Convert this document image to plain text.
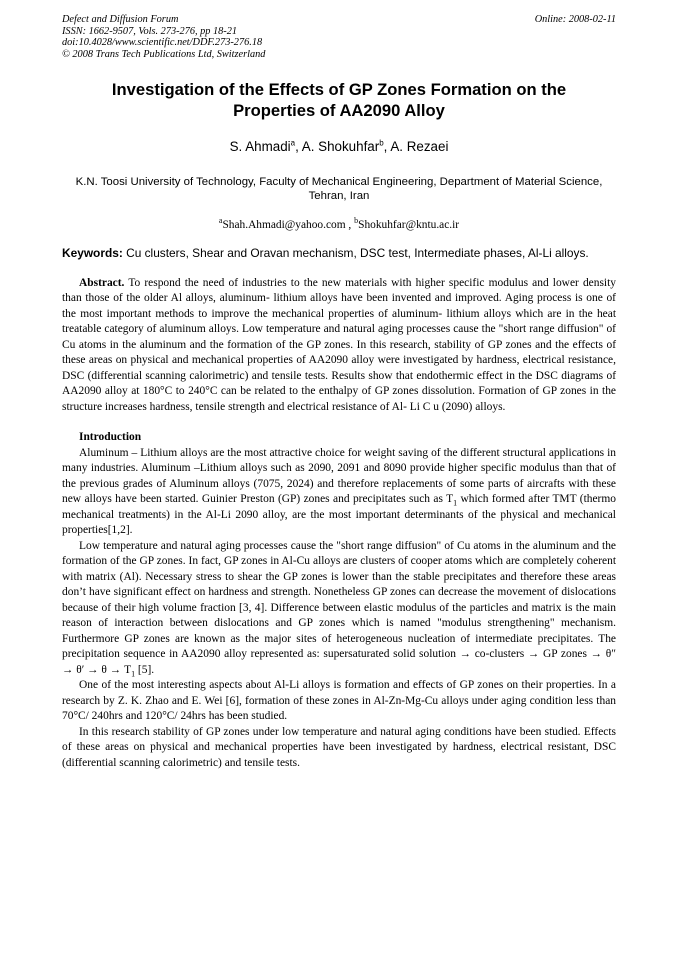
Defect and Diffusion Forum
ISSN: 1662-9507, Vols. 273-276, pp 18-21
doi:10.4028/www.scientific.net/DDF.273-276.18
© 2008 Trans Tech Publications Ltd, Switzerland
Online: 2008-02-11
Investigation of the Effects of GP Zones Formation on the Properties of AA2090 Alloy
S. Ahmadi$^a$, A. Shokuhfar$^b$, A. Rezaei
K.N. Toosi University of Technology, Faculty of Mechanical Engineering, Department of Material Science, Tehran, Iran
$^a$Shah.Ahmadi@yahoo.com , $^b$Shokuhfar@kntu.ac.ir
Keywords: Cu clusters, Shear and Oravan mechanism, DSC test, Intermediate phases, Al-Li alloys.

Abstract. To respond the need of industries to the new materials with higher specific modulus and lower density than those of the older Al alloys, aluminum- lithium alloys have been invented and improved. Aging process is one of the most important methods to improve the mechanical properties of aluminum- lithium alloys which are in the heat treatable category of aluminum alloys. Low temperature and natural aging processes cause the "short range diffusion" of Cu atoms in the aluminum and the formation of the GP zones. In this research, stability of GP zones and the effects of these areas on physical and mechanical properties of AA2090 alloy were investigated by hardness, electrical resistance, DSC (differential scanning calorimetric) and tensile tests. Results show that endothermic effect in the DSC diagrams of AA2090 alloy at 180°C to 240°C can be related to the enthalpy of GP zones dissolution. Formation of GP zones in the structure increases hardness, tensile strength and electrical resistance of Al- Li C u (2090) alloys.

Introduction

Aluminum – Lithium alloys are the most attractive choice for weight saving of the different structural applications in many industries. Aluminum –Lithium alloys such as 2090, 2091 and 8090 provide higher specific modulus than that of the previous grades of Aluminum alloys (7075, 2024) and therefore replacements of some parts of aircrafts with these new alloys have been started. Guinier Preston (GP) zones and precipitates such as $T_1$ which formed after TMT (thermo mechanical treatments) in the Al-Li 2090 alloy, are the most important determinants of the physical and mechanical properties[1,2].

Low temperature and natural aging processes cause the "short range diffusion" of Cu atoms in the aluminum and the formation of the GP zones. In fact, GP zones in Al-Cu alloys are clusters of cooper atoms which are completely coherent with matrix (Al). Necessary stress to shear the GP zones is lower than the stable precipitates and therefore these areas don’t have significant effect on hardness and strength. Nonetheless GP zones can decrease the movement of dislocations because of their high volume fraction [3, 4]. Difference between elastic modulus of the particles and matrix is the main reason of interaction between dislocations and GP zones which is named "modulus strengthening" mechanism. Furthermore GP zones are known as the major sites of heterogeneous nucleation of intermediate precipitates. The precipitation sequence in AA2090 alloy represented as: supersaturated solid solution → co-clusters → GP zones → $\theta'' \to \theta' \to \theta \to T_1$ [5].

One of the most interesting aspects about Al-Li alloys is formation and effects of GP zones on their properties. In a research by Z. K. Zhao and E. Wei [6], formation of these zones in Al-Zn-Mg-Cu alloys under aging condition less than 70°C/ 240hrs and 120°C/ 24hrs has been studied.

In this research stability of GP zones under low temperature and natural aging conditions have been studied. Effects of these areas on physical and mechanical properties have been investigated by hardness, electrical resistant, DSC (differential scanning calorimetric) and tensile tests.
